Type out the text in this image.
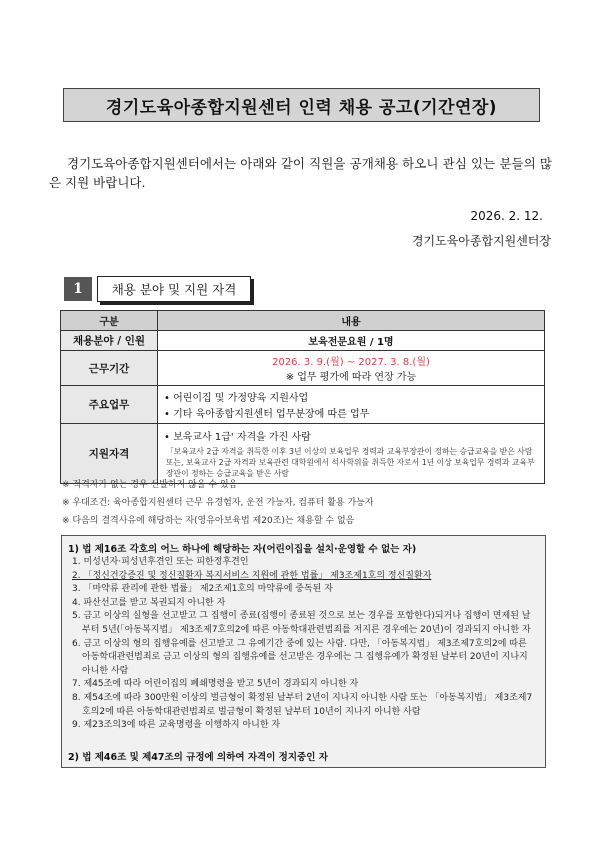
경기도육아종합지원센터 인력 채용 공고(기간연장)
경기도육아종합지원센터에서는 아래와 같이 직원을 공개채용 하오니 관심 있는 분들의 많은 지원 바랍니다.
2026. 2. 12.
경기도육아종합지원센터장
1	채용 분야 및 지원 자격
구분	내용
채용분야 / 인원	보육전문요원 / 1명
근무기간	2026. 3. 9.(월) ~ 2027. 3. 8.(월)
※ 업무 평가에 따라 연장 가능

주요업무	• 어린이집 및 가정양육 지원사업
• 기타 육아종합지원센터 업무분장에 따른 업무

지원자격	• 보육교사 1급' 자격을 가진 사람
「보육교사 2급 자격을 취득한 이후 3년 이상의 보육업무 경력과 교육부장관이 정하는 승급교육을 받은 사람 또는, 보육교사 2급 자격과 보육관련 대학원에서 석사학위를 취득한 자로서 1년 이상 보육업무 경력과 교육부장관이 정하는 승급교육을 받은 사람
※ 적격자가 없는 경우 선발하지 않을 수 있음
※ 우대조건: 육아종합지원센터 근무 유경험자, 운전 가능자, 컴퓨터 활용 가능자
※ 다음의 결격사유에 해당하는 자(영유아보육법 제20조)는 채용할 수 없음
1) 법 제16조 각호의 어느 하나에 해당하는 자(어린이집을 설치·운영할 수 없는 자)
1. 미성년자·피성년후견인 또는 피한정후견인
2. 「정신건강증진 및 정신질환자 복지서비스 지원에 관한 법률」 제3조제1호의 정신질환자
3. 「마약류 관리에 관한 법률」 제2조제1호의 마약류에 중독된 자
4. 파산선고를 받고 복권되지 아니한 자
5. 금고 이상의 실형을 선고받고 그 집행이 종료(집행이 종료된 것으로 보는 경우를 포함한다)되거나 집행이 면제된 날부터 5년(「아동복지법」 제3조제7호의2에 따른 아동학대관련범죄를 저지른 경우에는 20년)이 경과되지 아니한 자
6. 금고 이상의 형의 집행유예를 선고받고 그 유예기간 중에 있는 사람. 다만, 「아동복지법」 제3조제7호의2에 따른 아동학대관련범죄로 금고 이상의 형의 집행유예를 선고받은 경우에는 그 집행유예가 확정된 날부터 20년이 지나지 아니한 사람
7. 제45조에 따라 어린이집의 폐쇄명령을 받고 5년이 경과되지 아니한 자
8. 제54조에 따라 300만원 이상의 벌금형이 확정된 날부터 2년이 지나지 아니한 사람 또는 「아동복지법」 제3조제7호의2에 따른 아동학대관련범죄로 벌금형이 확정된 날부터 10년이 지나지 아니한 사람
9. 제23조의3에 따른 교육명령을 이행하지 아니한 자
2) 법 제46조 및 제47조의 규정에 의하여 자격이 정지중인 자
